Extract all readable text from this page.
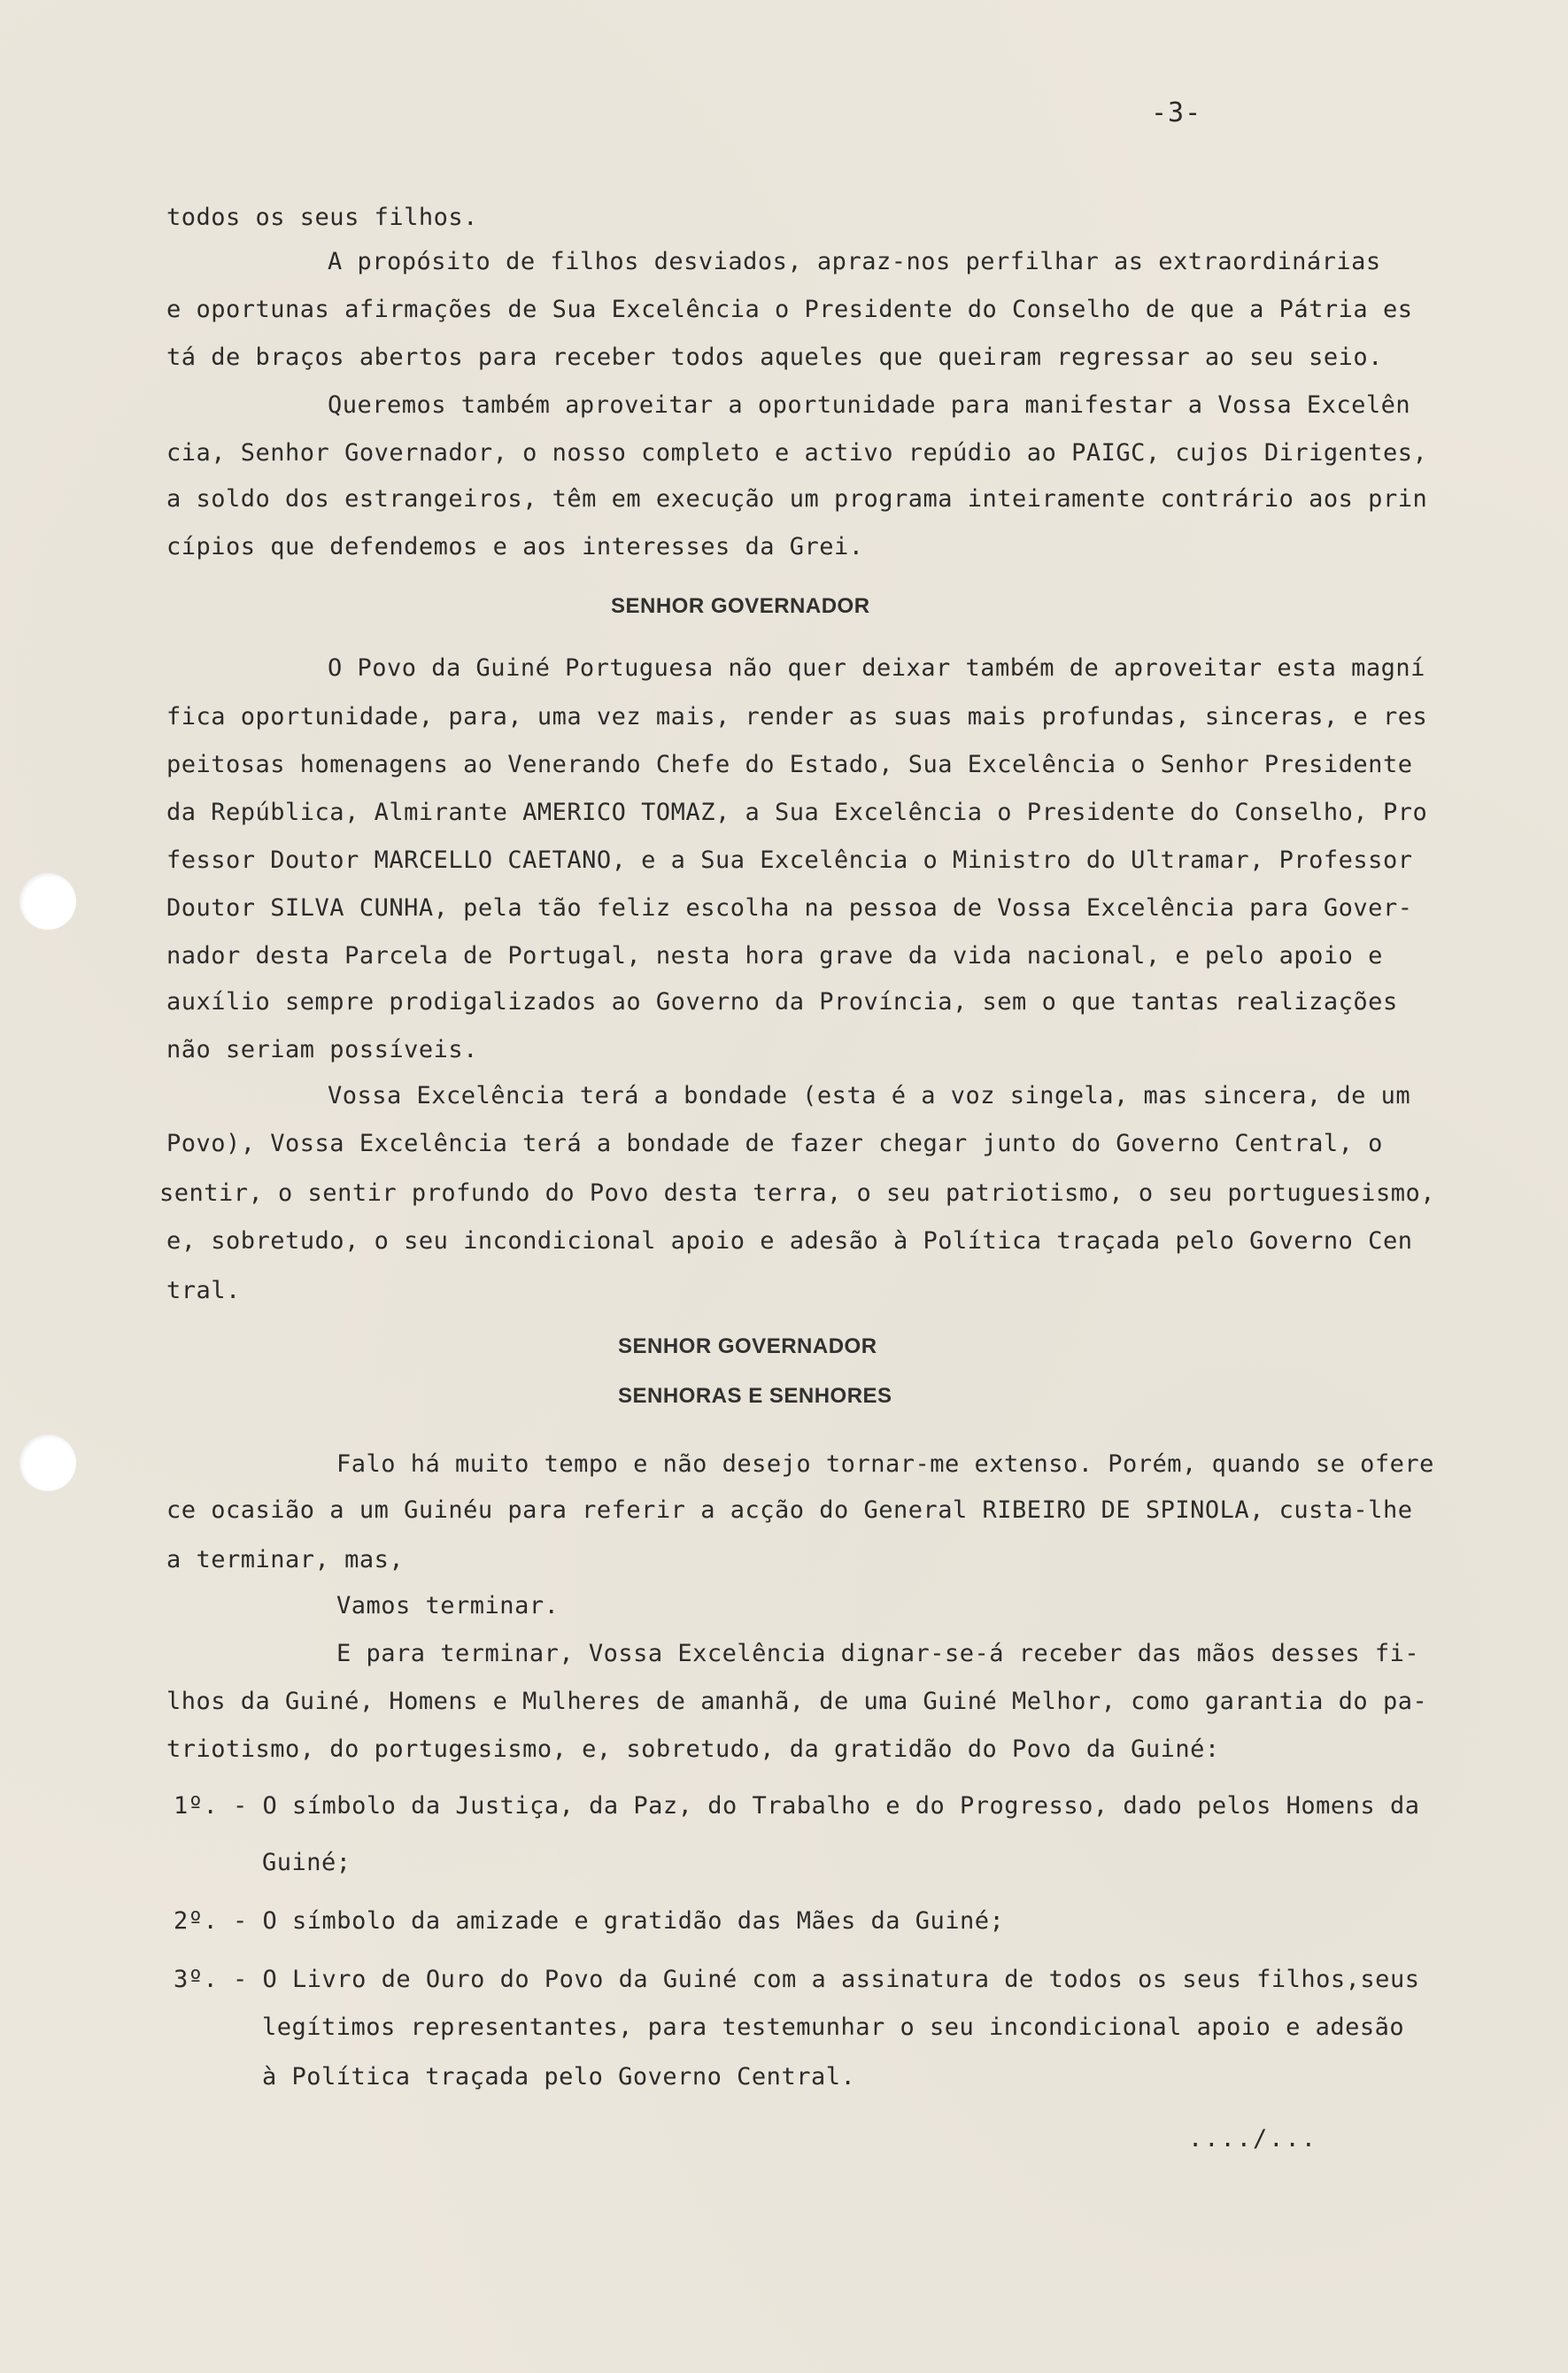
-3-
todos os seus filhos.
A propósito de filhos desviados, apraz-nos perfilhar as extraordinárias
e oportunas afirmações de Sua Excelência o Presidente do Conselho de que a Pátria es
tá de braços abertos para receber todos aqueles que queiram regressar ao seu seio.
Queremos também aproveitar a oportunidade para manifestar a Vossa Excelên
cia, Senhor Governador, o nosso completo e activo repúdio ao PAIGC, cujos Dirigentes,
a soldo dos estrangeiros, têm em execução um programa inteiramente contrário aos prin
cípios que defendemos e aos interesses da Grei.
O Povo da Guiné Portuguesa não quer deixar também de aproveitar esta magní
fica oportunidade, para, uma vez mais, render as suas mais profundas, sinceras, e res
peitosas homenagens ao Venerando Chefe do Estado, Sua Excelência o Senhor Presidente
da República, Almirante AMERICO TOMAZ, a Sua Excelência o Presidente do Conselho, Pro
fessor Doutor MARCELLO CAETANO, e a Sua Excelência o Ministro do Ultramar, Professor
Doutor SILVA CUNHA, pela tão feliz escolha na pessoa de Vossa Excelência para Gover-
nador desta Parcela de Portugal, nesta hora grave da vida nacional, e pelo apoio e
auxílio sempre prodigalizados ao Governo da Província, sem o que tantas realizações
não seriam possíveis.
Vossa Excelência terá a bondade (esta é a voz singela, mas sincera, de um
Povo), Vossa Excelência terá a bondade de fazer chegar junto do Governo Central, o
sentir, o sentir profundo do Povo desta terra, o seu patriotismo, o seu portuguesismo,
e, sobretudo, o seu incondicional apoio e adesão à Política traçada pelo Governo Cen
tral.
Falo há muito tempo e não desejo tornar-me extenso. Porém, quando se ofere
ce ocasião a um Guinéu para referir a acção do General RIBEIRO DE SPINOLA, custa-lhe
a terminar, mas,
Vamos terminar.
E para terminar, Vossa Excelência dignar-se-á receber das mãos desses fi-
lhos da Guiné, Homens e Mulheres de amanhã, de uma Guiné Melhor, como garantia do pa-
triotismo, do portugesismo, e, sobretudo, da gratidão do Povo da Guiné:
1º. - O símbolo da Justiça, da Paz, do Trabalho e do Progresso, dado pelos Homens da
Guiné;
2º. - O símbolo da amizade e gratidão das Mães da Guiné;
3º. - O Livro de Ouro do Povo da Guiné com a assinatura de todos os seus filhos,seus
legítimos representantes, para testemunhar o seu incondicional apoio e adesão
à Política traçada pelo Governo Central.
SENHOR GOVERNADOR
SENHOR GOVERNADOR
SENHORAS E SENHORES
..../...
